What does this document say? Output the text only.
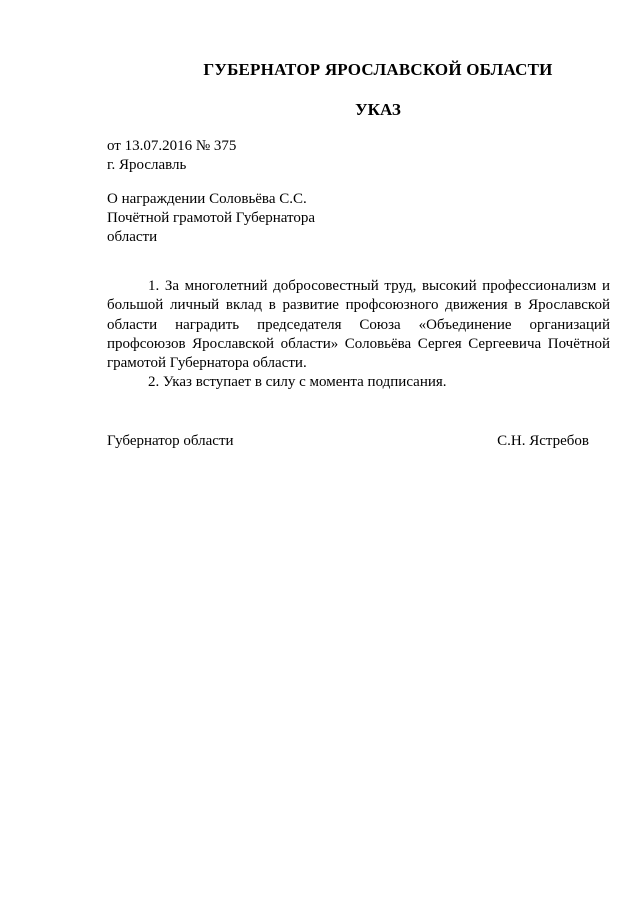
ГУБЕРНАТОР ЯРОСЛАВСКОЙ ОБЛАСТИ
УКАЗ
от 13.07.2016 № 375
г. Ярославль
О награждении Соловьёва С.С.
Почётной грамотой Губернатора
области

1. За многолетний добросовестный труд, высокий профессионализм и большой личный вклад в развитие профсоюзного движения в Ярославской области наградить председателя Союза «Объединение организаций профсоюзов Ярославской области» Соловьёва Сергея Сергеевича Почётной грамотой Губернатора области.

2. Указ вступает в силу с момента подписания.

Губернатор области	С.Н. Ястребов
